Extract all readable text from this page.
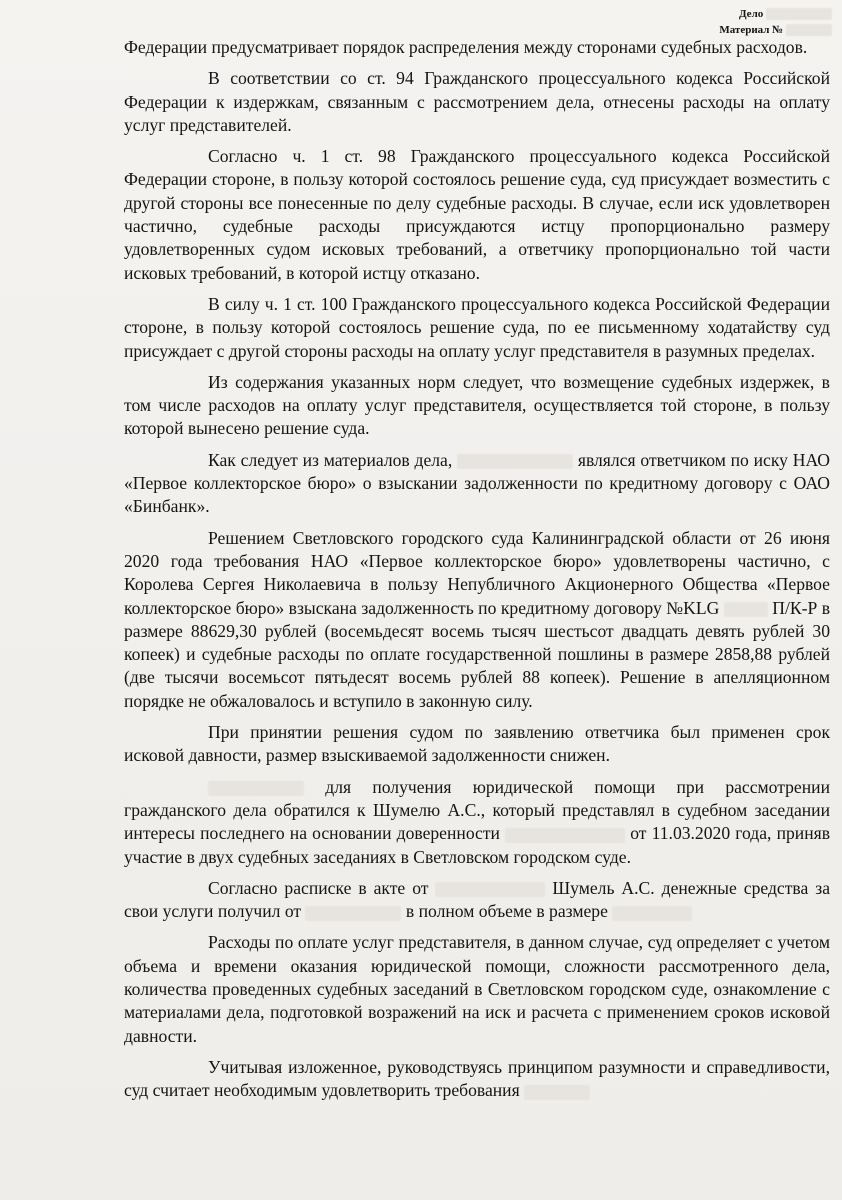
Дело
Материал №

Федерации предусматривает порядок распределения между сторонами судебных расходов.

В соответствии со ст. 94 Гражданского процессуального кодекса Российской Федерации к издержкам, связанным с рассмотрением дела, отнесены расходы на оплату услуг представителей.

Согласно ч. 1 ст. 98 Гражданского процессуального кодекса Российской Федерации стороне, в пользу которой состоялось решение суда, суд присуждает возместить с другой стороны все понесенные по делу судебные расходы. В случае, если иск удовлетворен частично, судебные расходы присуждаются истцу пропорционально размеру удовлетворенных судом исковых требований, а ответчику пропорционально той части исковых требований, в которой истцу отказано.

В силу ч. 1 ст. 100 Гражданского процессуального кодекса Российской Федерации стороне, в пользу которой состоялось решение суда, по ее письменному ходатайству суд присуждает с другой стороны расходы на оплату услуг представителя в разумных пределах.

Из содержания указанных норм следует, что возмещение судебных издержек, в том числе расходов на оплату услуг представителя, осуществляется той стороне, в пользу которой вынесено решение суда.

Как следует из материалов дела,	являлся ответчиком по иску НАО «Первое коллекторское бюро» о взыскании задолженности по кредитному договору с ОАО «Бинбанк».

Решением Светловского городского суда Калининградской области от 26 июня 2020 года требования НАО «Первое коллекторское бюро» удовлетворены частично, с Королева Сергея Николаевича в пользу Непубличного Акционерного Общества «Первое коллекторское бюро» взыскана задолженность по кредитному договору №KLG	П/К-Р в размере 88629,30 рублей (восемьдесят восемь тысяч шестьсот двадцать девять рублей 30 копеек) и судебные расходы по оплате государственной пошлины в размере 2858,88 рублей (две тысячи восемьсот пятьдесят восемь рублей 88 копеек). Решение в апелляционном порядке не обжаловалось и вступило в законную силу.

При принятии решения судом по заявлению ответчика был применен срок исковой давности, размер взыскиваемой задолженности снижен.

для получения юридической помощи при рассмотрении гражданского дела обратился к Шумелю А.С., который представлял в судебном заседании интересы последнего на основании доверенности	от 11.03.2020 года, приняв участие в двух судебных заседаниях в Светловском городском суде.

Согласно расписке в акте от	Шумель А.С. денежные средства за свои услуги получил от	в полном объеме в размере

Расходы по оплате услуг представителя, в данном случае, суд определяет с учетом объема и времени оказания юридической помощи, сложности рассмотренного дела, количества проведенных судебных заседаний в Светловском городском суде, ознакомление с материалами дела, подготовкой возражений на иск и расчета с применением сроков исковой давности.

Учитывая изложенное, руководствуясь принципом разумности и справедливости, суд считает необходимым удовлетворить требования
